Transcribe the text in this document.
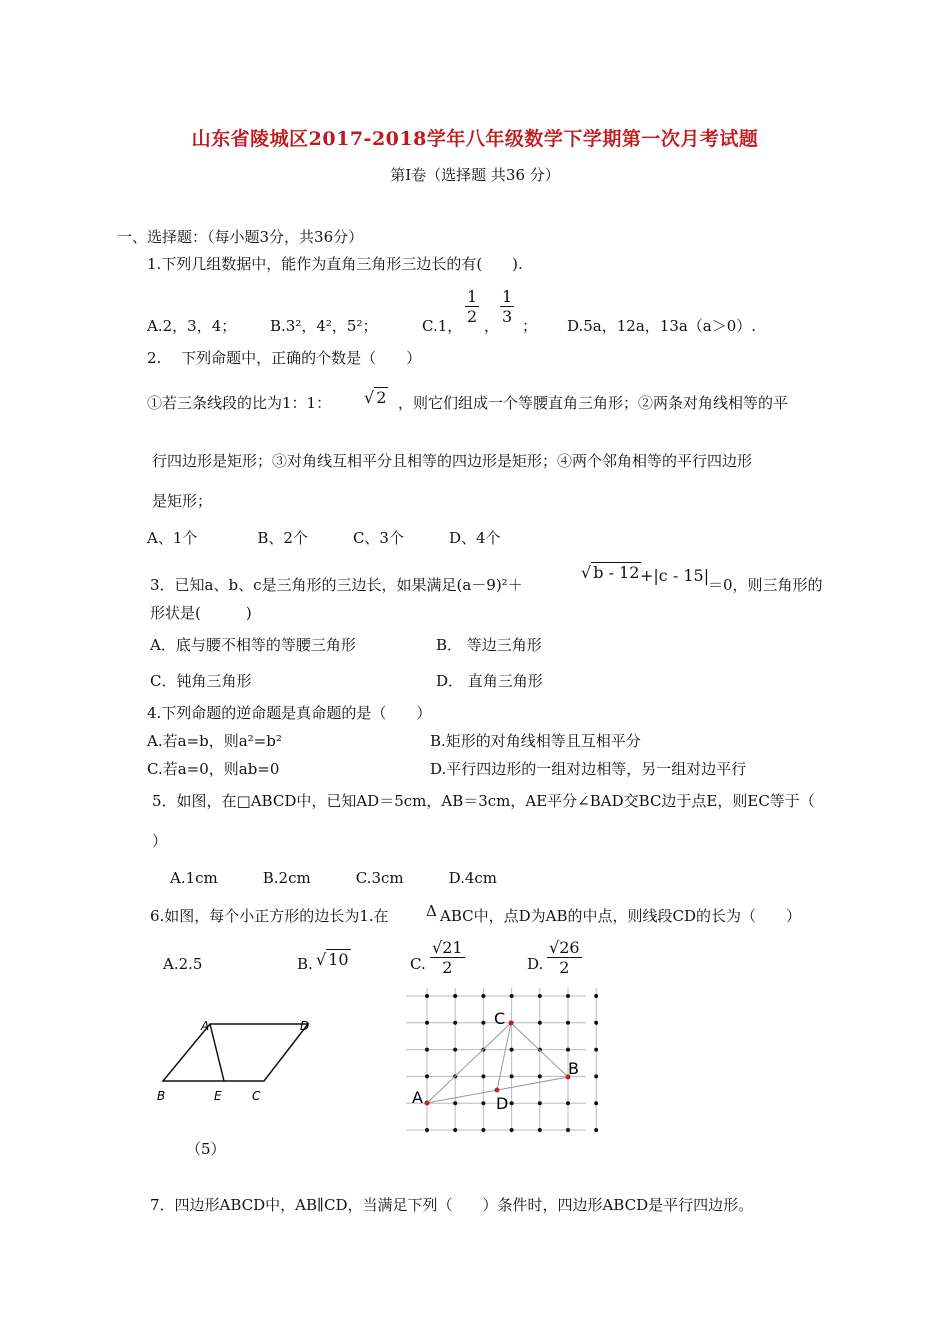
山东省陵城区2017-2018学年八年级数学下学期第一次月考试题
第Ⅰ卷（选择题 共36 分）
一、选择题：（每小题3分，共36分）
1.下列几组数据中，能作为直角三角形三边长的有(　　).
A.2，3，4； B.3²，4²，5²；	C.1， $\frac{1}{2}$ ， $\frac{1}{3}$ ； D.5a，12a，13a（a＞0）.
2.　 下列命题中，正确的个数是（　　）
①若三条线段的比为1：1： √ 2 ，则它们组成一个等腰直角三角形；②两条对角线相等的平
行四边形是矩形；③对角线互相平分且相等的四边形是矩形；④两个邻角相等的平行四边形
是矩形；
A、1个　　　　B、2个　　　C、3个　　　D、4个
3．已知a、b、c是三角形的三边长，如果满足(a－9)²＋
√ b - 12 +|c - 15|
＝0，则三角形的
形状是(　　　)
A．底与腰不相等的等腰三角形	B． 等边三角形
C．钝角三角形	D． 直角三角形
4.下列命题的逆命题是真命题的是（　　）
A.若a=b，则a²=b²	B.矩形的对角线相等且互相平分
C.若a=0，则ab=0	D.平行四边形的一组对边相等，另一组对边平行
5．如图，在□ABCD中，已知AD＝5cm，AB＝3cm，AE平分∠BAD交BC边于点E，则EC等于（
）
A.1cm　　　B.2cm　　　C.3cm　　　D.4cm
6.如图，每个小正方形的边长为1.在 Δ ABC中，点D为AB的中点，则线段CD的长为（　　）
A.2.5	B. √ 10	C. $\frac{√21}{2}$	D. $\frac{√26}{2}$
A	D
B	E	C
（5）
A
C
B
D
7．四边形ABCD中，AB∥CD，当满足下列（　　）条件时，四边形ABCD是平行四边形。
